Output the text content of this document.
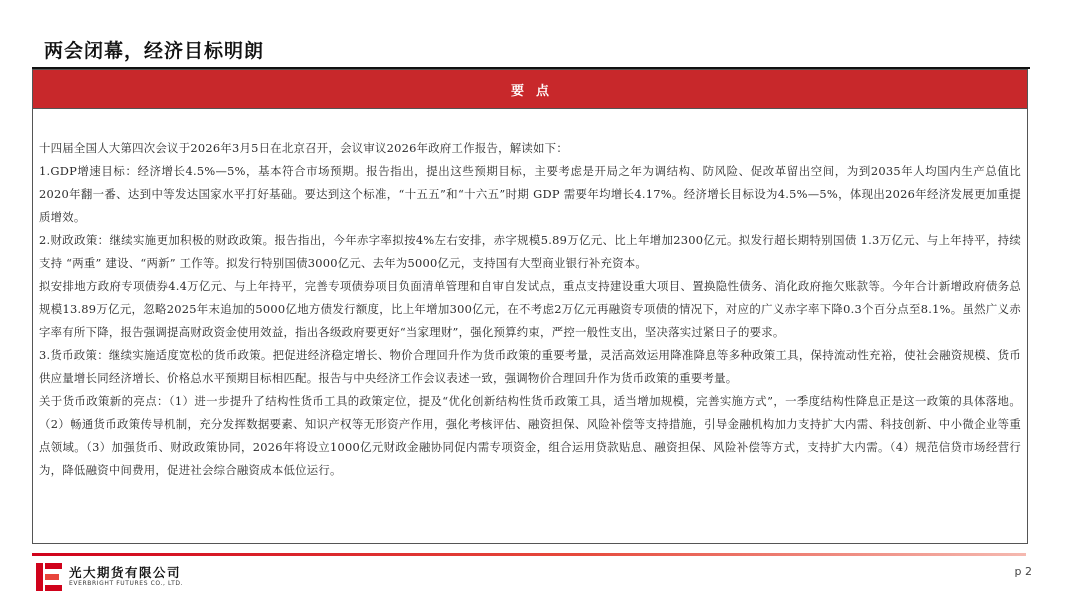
两会闭幕，经济目标明朗
要点

十四届全国人大第四次会议于2026年3月5日在北京召开，会议审议2026年政府工作报告，解读如下：

1.GDP增速目标：经济增长4.5%—5%，基本符合市场预期。报告指出，提出这些预期目标，主要考虑是开局之年为调结构、防风险、促改革留出空间，为到2035年人均国内生产总值比2020年翻一番、达到中等发达国家水平打好基础。要达到这个标准，“十五五”和“十六五”时期 GDP 需要年均增长4.17%。经济增长目标设为4.5%—5%，体现出2026年经济发展更加重提质增效。

2.财政政策：继续实施更加积极的财政政策。报告指出，今年赤字率拟按4%左右安排，赤字规模5.89万亿元、比上年增加2300亿元。拟发行超长期特别国债 1.3万亿元、与上年持平，持续支持 “两重” 建设、“两新” 工作等。拟发行特别国债3000亿元、去年为5000亿元，支持国有大型商业银行补充资本。

拟安排地方政府专项债券4.4万亿元、与上年持平，完善专项债券项目负面清单管理和自审自发试点，重点支持建设重大项目、置换隐性债务、消化政府拖欠账款等。今年合计新增政府债务总规模13.89万亿元，忽略2025年末追加的5000亿地方债发行额度，比上年增加300亿元，在不考虑2万亿元再融资专项债的情况下，对应的广义赤字率下降0.3个百分点至8.1%。虽然广义赤字率有所下降，报告强调提高财政资金使用效益，指出各级政府要更好“当家理财”，强化预算约束，严控一般性支出，坚决落实过紧日子的要求。

3.货币政策：继续实施适度宽松的货币政策。把促进经济稳定增长、物价合理回升作为货币政策的重要考量，灵活高效运用降准降息等多种政策工具，保持流动性充裕，使社会融资规模、货币供应量增长同经济增长、价格总水平预期目标相匹配。报告与中央经济工作会议表述一致，强调物价合理回升作为货币政策的重要考量。

关于货币政策新的亮点：（1）进一步提升了结构性货币工具的政策定位，提及“优化创新结构性货币政策工具，适当增加规模，完善实施方式”，一季度结构性降息正是这一政策的具体落地。（2）畅通货币政策传导机制，充分发挥数据要素、知识产权等无形资产作用，强化考核评估、融资担保、风险补偿等支持措施，引导金融机构加力支持扩大内需、科技创新、中小微企业等重点领域。（3）加强货币、财政政策协同，2026年将设立1000亿元财政金融协同促内需专项资金，组合运用贷款贴息、融资担保、风险补偿等方式，支持扩大内需。（4）规范信贷市场经营行为，降低融资中间费用，促进社会综合融资成本低位运行。

光大期货有限公司
EVERBRIGHT FUTURES CO., LTD.
p 2
